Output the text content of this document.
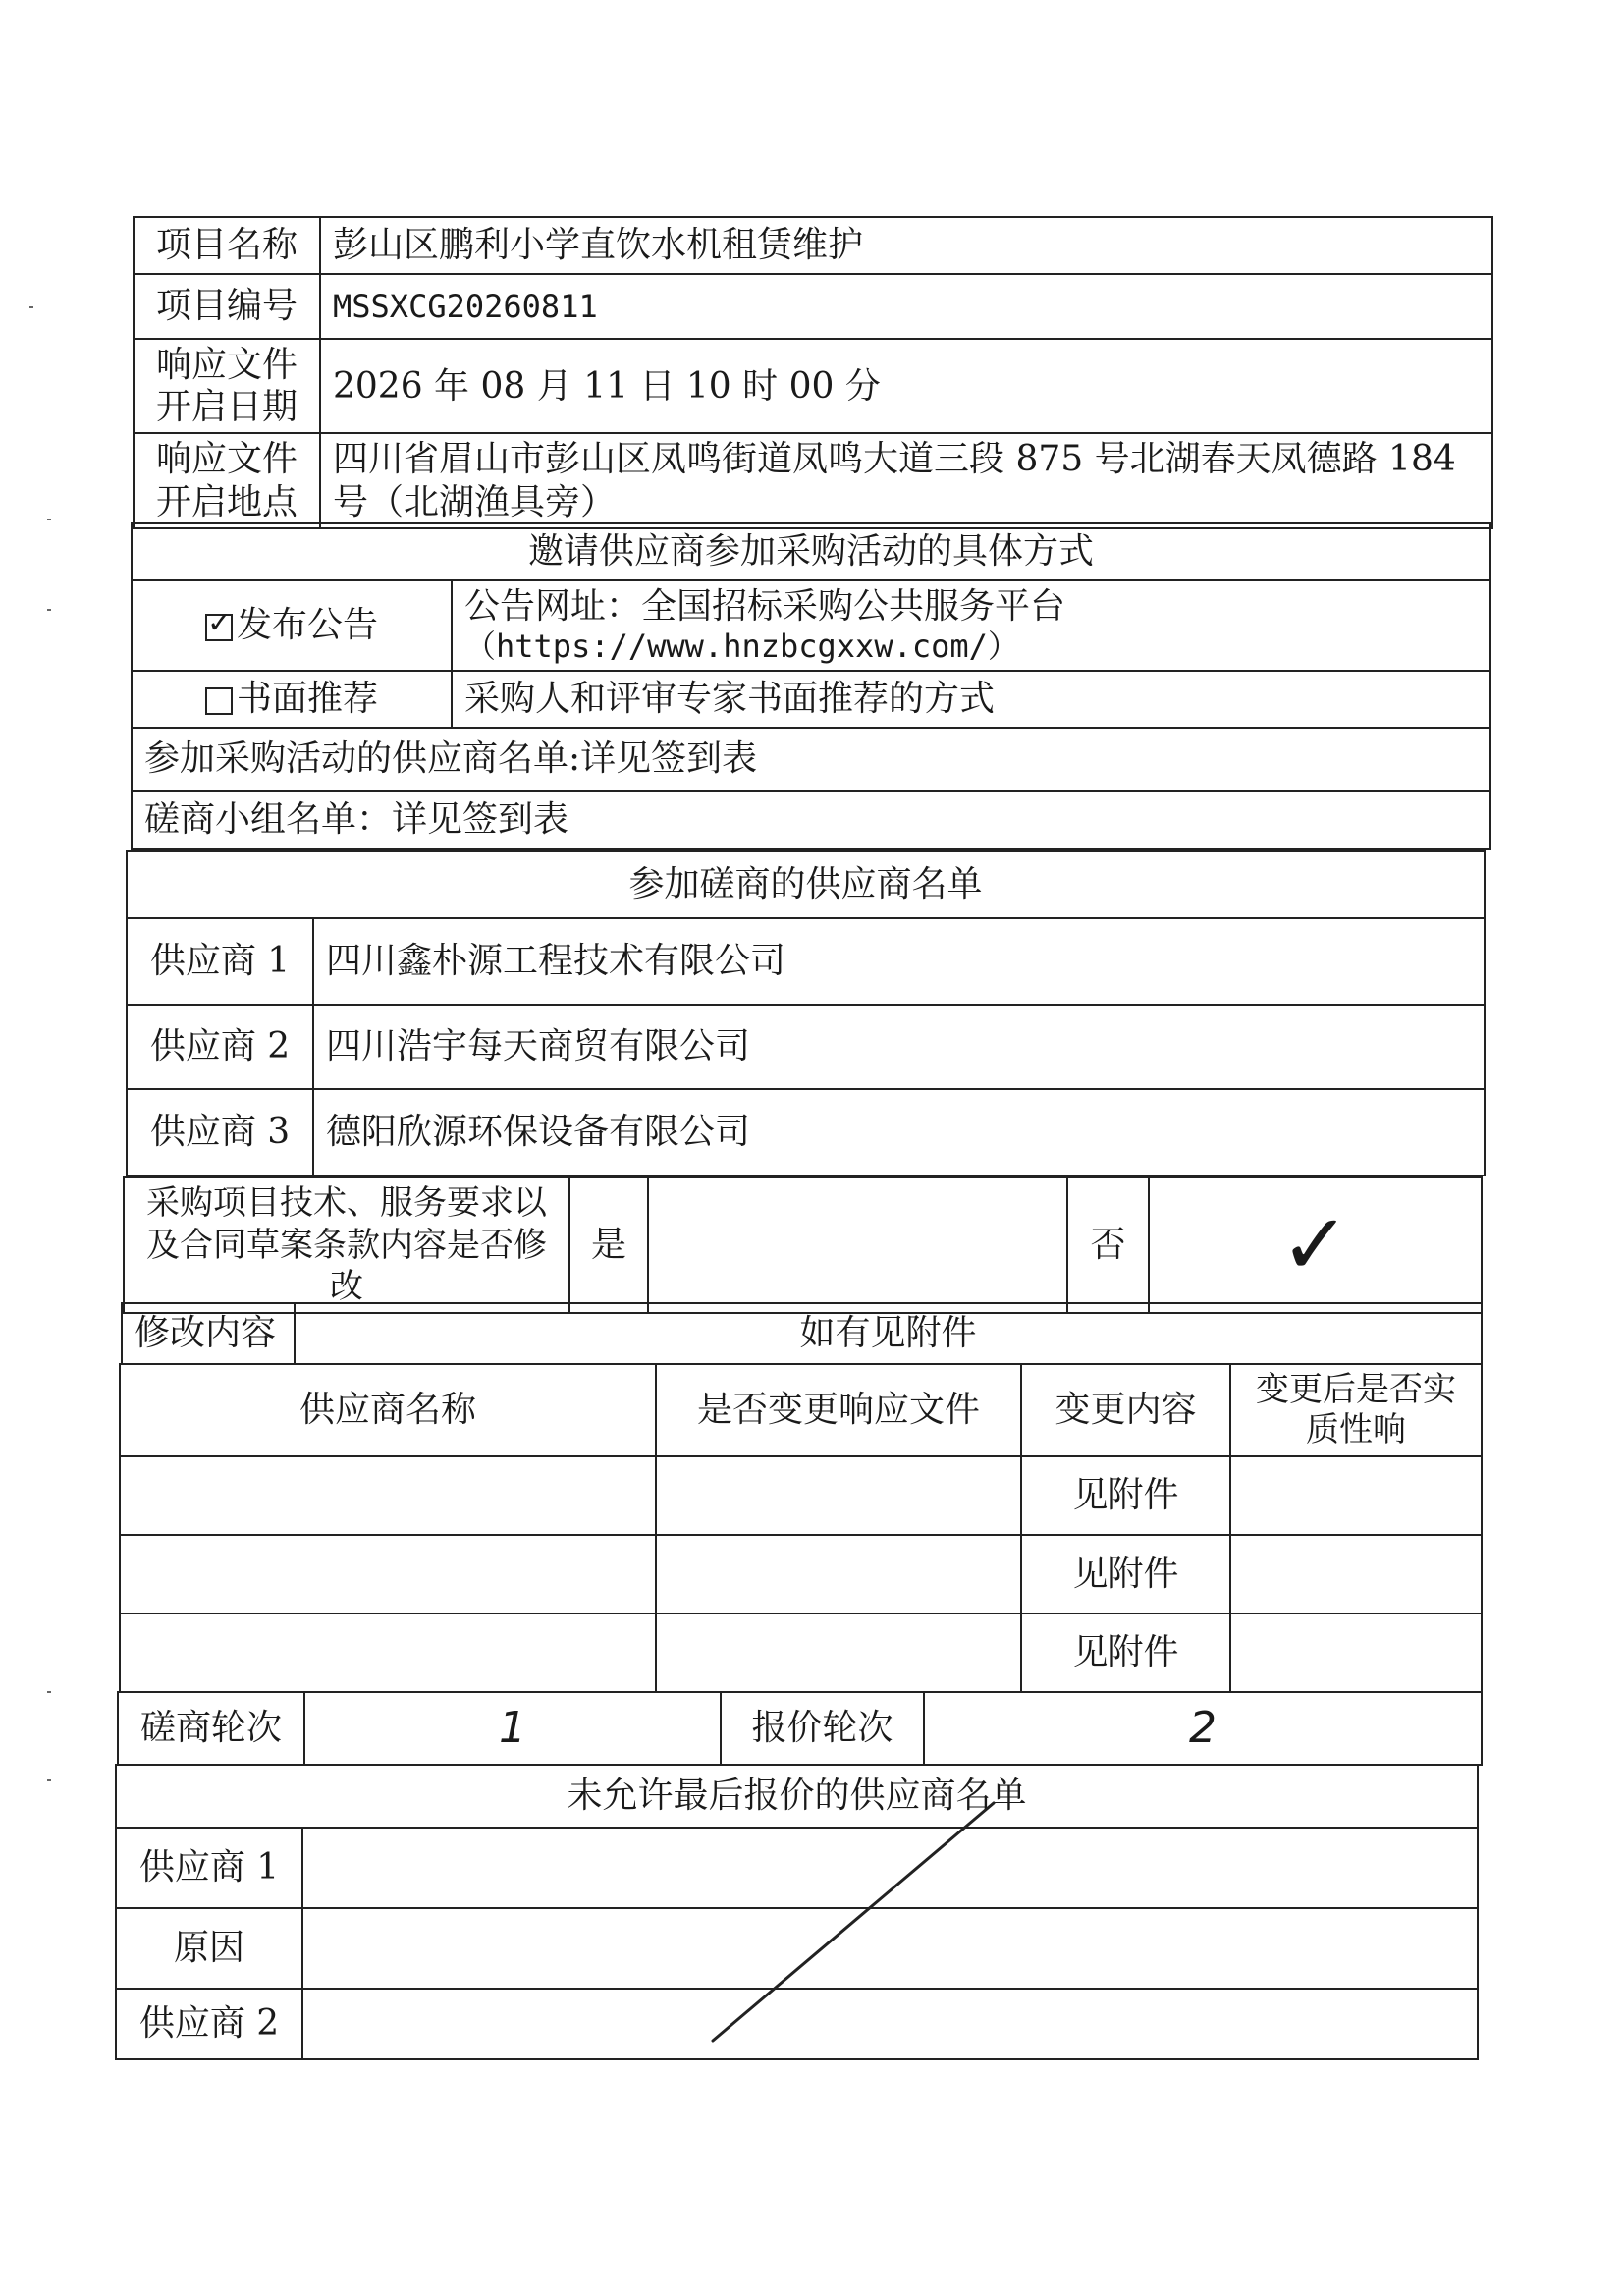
项目名称	彭山区鹏利小学直饮水机租赁维护
项目编号	MSSXCG20260811
响应文件开启日期	2026 年 08 月 11 日 10 时 00 分
响应文件开启地点	四川省眉山市彭山区凤鸣街道凤鸣大道三段 875 号北湖春天凤德路 184 号（北湖渔具旁）
邀请供应商参加采购活动的具体方式	
✓发布公告	公告网址：全国招标采购公共服务平台
（https://www.hnzbcgxxw.com/）

书面推荐	采购人和评审专家书面推荐的方式
参加采购活动的供应商名单:详见签到表	
磋商小组名单：详见签到表	
参加磋商的供应商名单	
供应商 1	四川鑫朴源工程技术有限公司
供应商 2	四川浩宇每天商贸有限公司
供应商 3	德阳欣源环保设备有限公司
采购项目技术、服务要求以及合同草案条款内容是否修改	是		否	✓
修改内容	如有见附件
供应商名称	是否变更响应文件	变更内容	变更后是否实质性响
		见附件	
		见附件	
		见附件	
磋商轮次	1	报价轮次	2
未允许最后报价的供应商名单	
供应商 1	
原因	
供应商 2	
